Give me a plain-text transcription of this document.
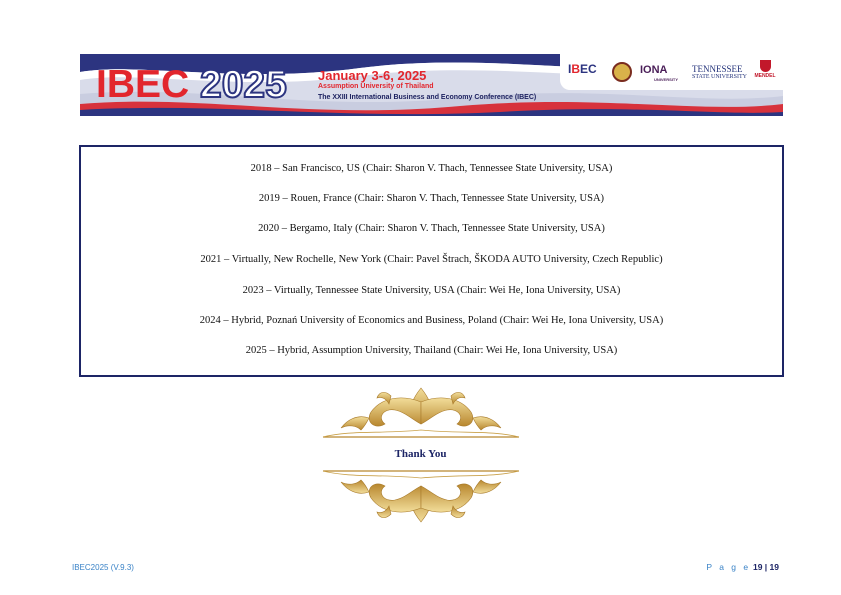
IBEC 2025 January 3-6, 2025
Assumption University of Thailand
The XXIII International Business and Economy Conference (IBEC)
IBEC	IONA
UNIVERSITY
TENNESSEE
STATE UNIVERSITY MENDEL
2018 – San Francisco, US (Chair: Sharon V. Thach, Tennessee State University, USA)
2019 – Rouen, France (Chair: Sharon V. Thach, Tennessee State University, USA)
2020 – Bergamo, Italy (Chair: Sharon V. Thach, Tennessee State University, USA)
2021 – Virtually, New Rochelle, New York (Chair: Pavel Štrach, ŠKODA AUTO University, Czech Republic)
2023 – Virtually, Tennessee State University, USA (Chair: Wei He, Iona University, USA)
2024 – Hybrid, Poznań University of Economics and Business, Poland (Chair: Wei He, Iona University, USA)
2025 – Hybrid, Assumption University, Thailand (Chair: Wei He, Iona University, USA)
Thank You
IBEC2025 (V.9.3)	P a g e 19 | 19
